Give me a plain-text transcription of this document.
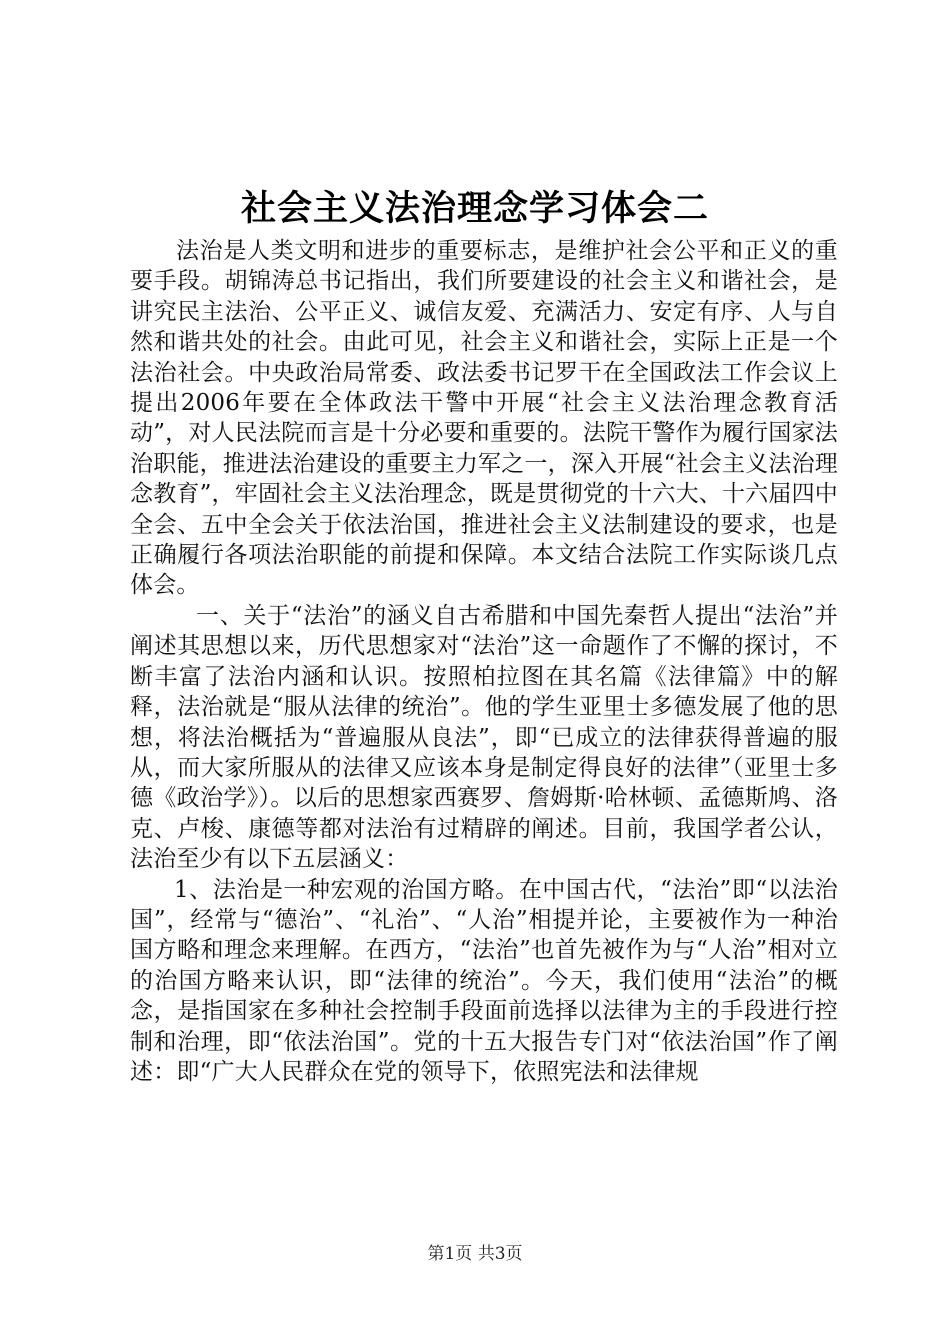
社会主义法治理念学习体会二

法治是人类文明和进步的重要标志，是维护社会公平和正义的重要手段。胡锦涛总书记指出，我们所要建设的社会主义和谐社会，是讲究民主法治、公平正义、诚信友爱、充满活力、安定有序、人与自然和谐共处的社会。由此可见，社会主义和谐社会，实际上正是一个法治社会。中央政治局常委、政法委书记罗干在全国政法工作会议上提出2006年要在全体政法干警中开展“社会主义法治理念教育活动”，对人民法院而言是十分必要和重要的。法院干警作为履行国家法治职能，推进法治建设的重要主力军之一，深入开展“社会主义法治理念教育”，牢固社会主义法治理念，既是贯彻党的十六大、十六届四中全会、五中全会关于依法治国，推进社会主义法制建设的要求，也是正确履行各项法治职能的前提和保障。本文结合法院工作实际谈几点体会。

一、关于“法治”的涵义自古希腊和中国先秦哲人提出“法治”并阐述其思想以来，历代思想家对“法治”这一命题作了不懈的探讨，不断丰富了法治内涵和认识。按照柏拉图在其名篇《法律篇》中的解释，法治就是“服从法律的统治”。他的学生亚里士多德发展了他的思想，将法治概括为“普遍服从良法”，即“已成立的法律获得普遍的服从，而大家所服从的法律又应该本身是制定得良好的法律”（亚里士多德《政治学》）。以后的思想家西赛罗、詹姆斯·哈林顿、孟德斯鸠、洛克、卢梭、康德等都对法治有过精辟的阐述。目前，我国学者公认，法治至少有以下五层涵义：

1、法治是一种宏观的治国方略。在中国古代，“法治”即“以法治国”，经常与“德治”、“礼治”、“人治”相提并论，主要被作为一种治国方略和理念来理解。在西方，“法治”也首先被作为与“人治”相对立的治国方略来认识，即“法律的统治”。今天，我们使用“法治”的概念，是指国家在多种社会控制手段面前选择以法律为主的手段进行控制和治理，即“依法治国”。党的十五大报告专门对“依法治国”作了阐述：即“广大人民群众在党的领导下，依照宪法和法律规

第1页 共3页
